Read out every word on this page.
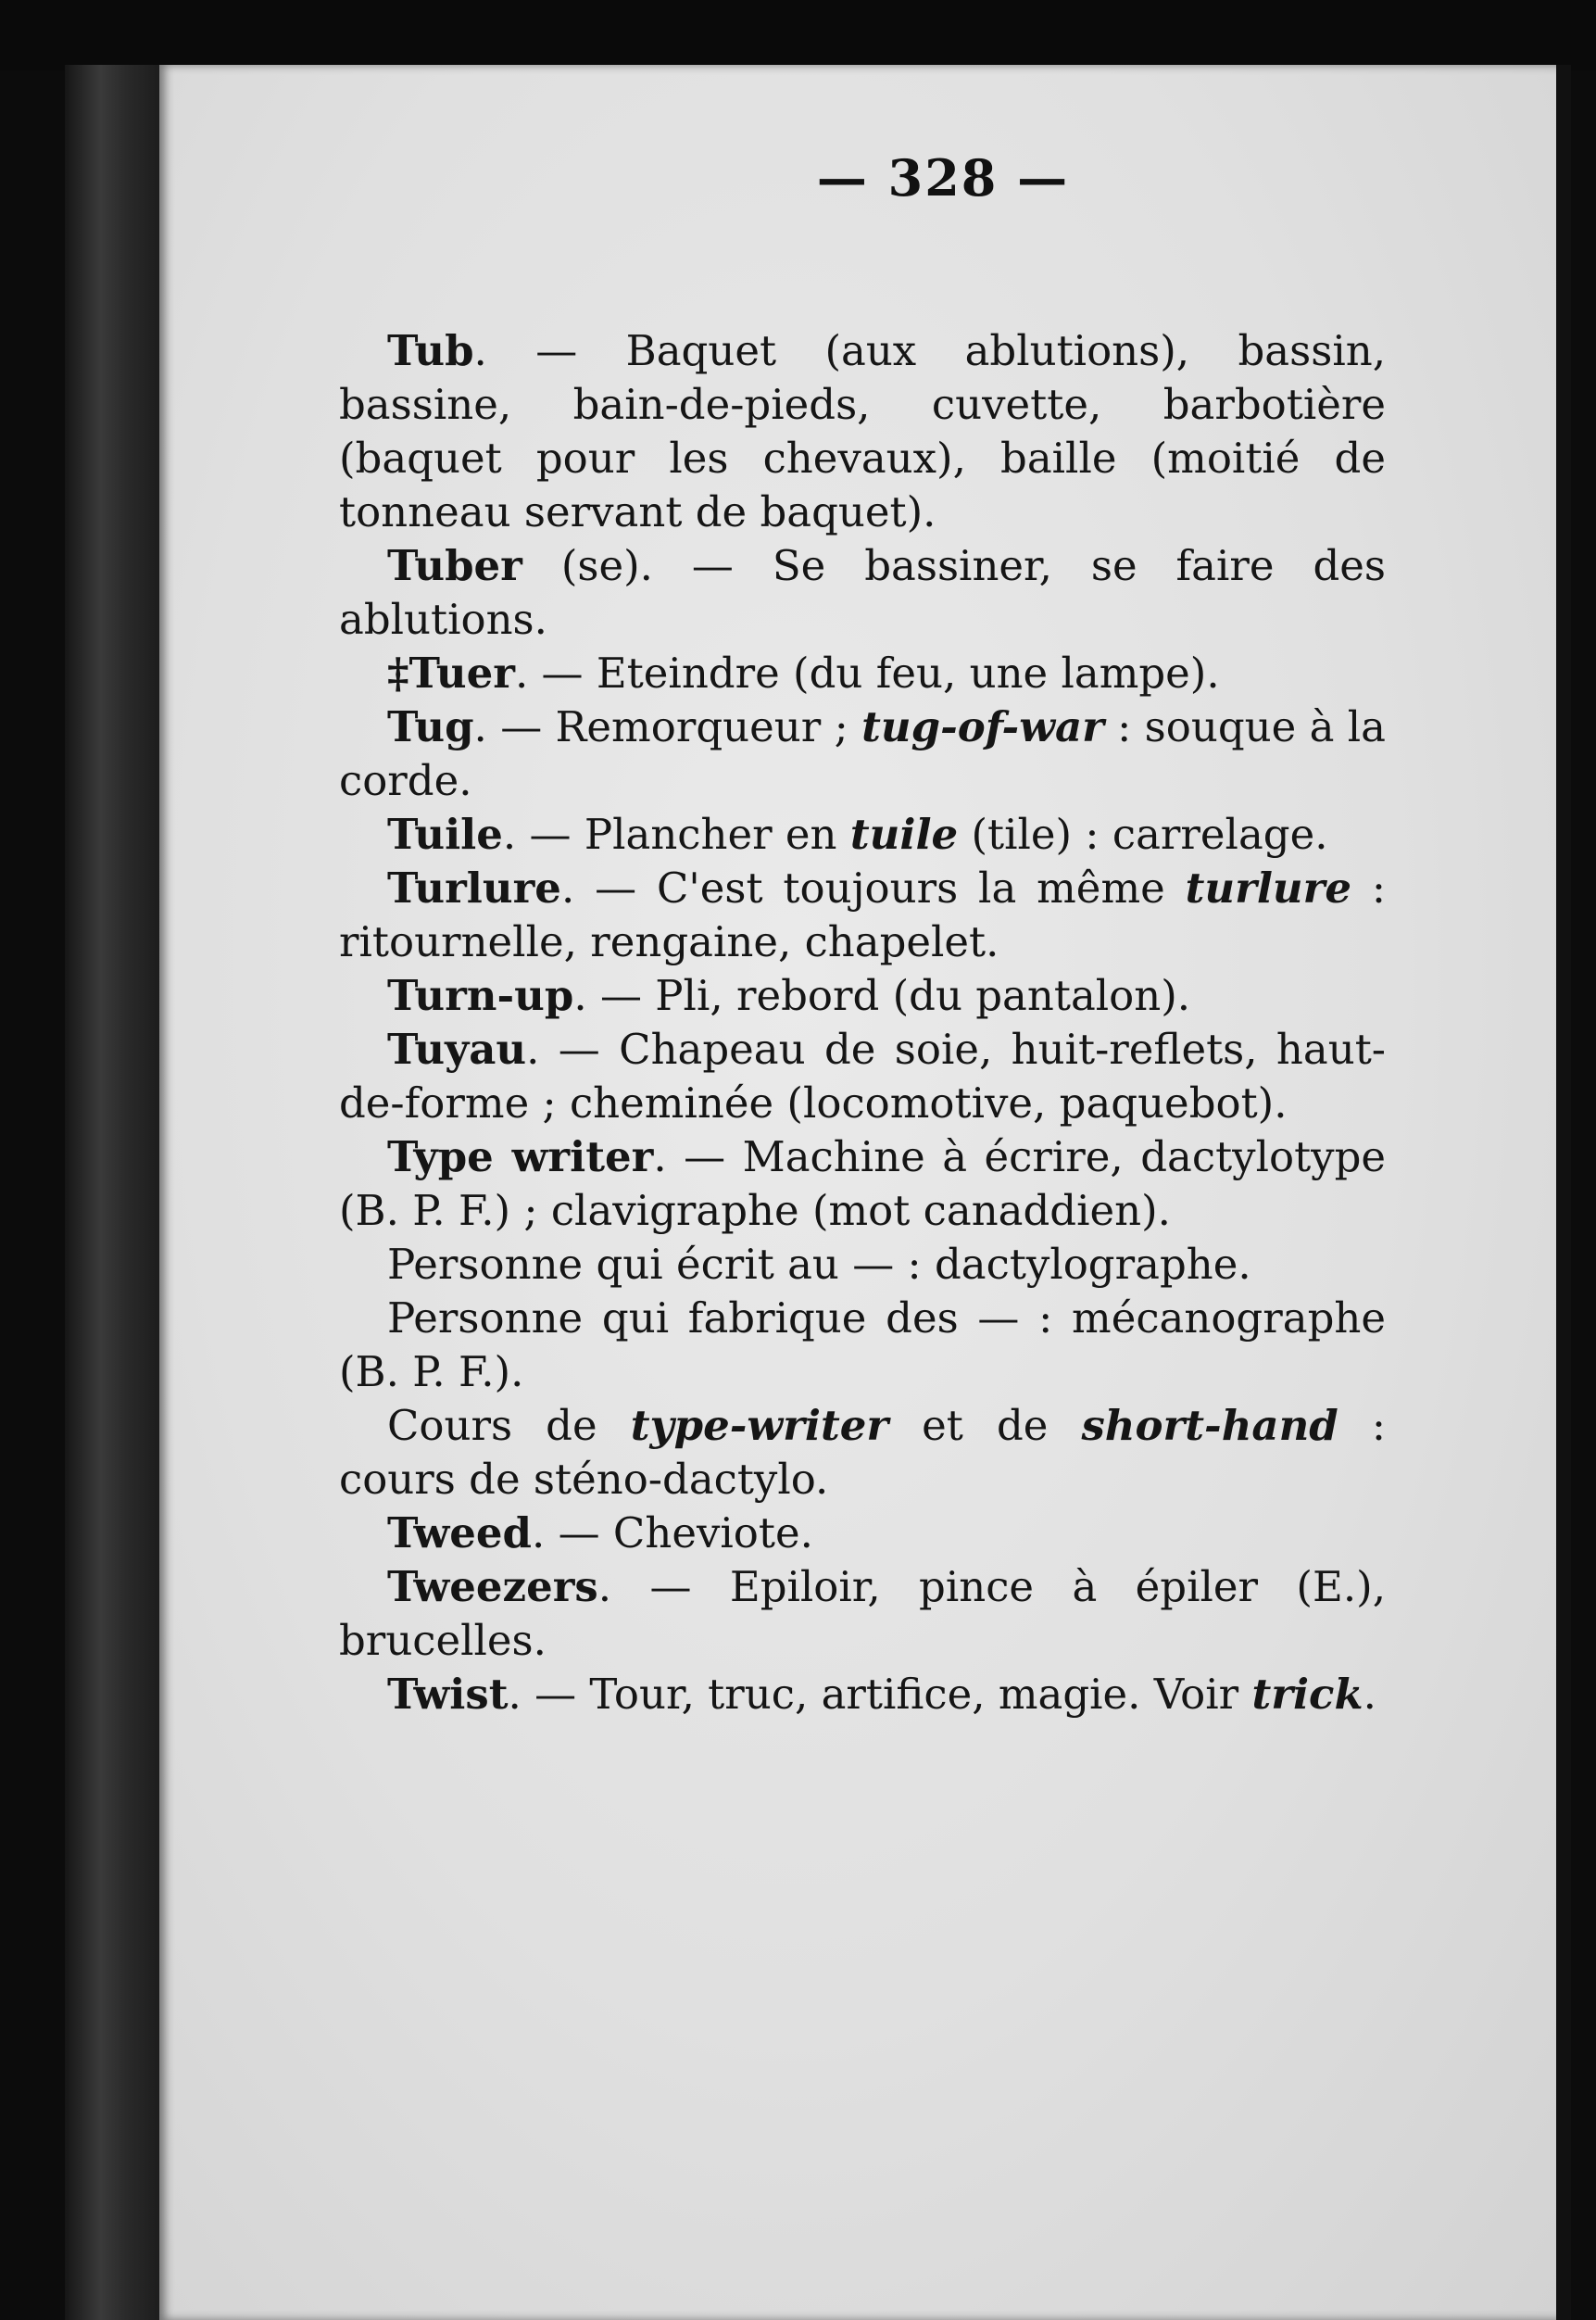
— 328 —

Tub. — Baquet (aux ablutions), bassin, bassine, bain-de-pieds, cuvette, barbotière (baquet pour les chevaux), baille (moitié de tonneau servant de baquet).

Tuber (se). — Se bassiner, se faire des ablutions.

‡Tuer. — Eteindre (du feu, une lampe).

Tug. — Remorqueur ; tug-of-war : souque à la corde.

Tuile. — Plancher en tuile (tile) : carrelage.

Turlure. — C'est toujours la même turlure : ritournelle, rengaine, chapelet.

Turn-up. — Pli, rebord (du pantalon).

Tuyau. — Chapeau de soie, huit-reflets, haut-de-forme ; cheminée (locomotive, paquebot).

Type writer. — Machine à écrire, dactylotype (B. P. F.) ; clavigraphe (mot canaddien).

Personne qui écrit au — : dactylographe.

Personne qui fabrique des — : mécanographe (B. P. F.).

Cours de type-writer et de short-hand : cours de sténo-dactylo.

Tweed. — Cheviote.

Tweezers. — Epiloir, pince à épiler (E.), brucelles.

Twist. — Tour, truc, artifice, magie. Voir trick.
